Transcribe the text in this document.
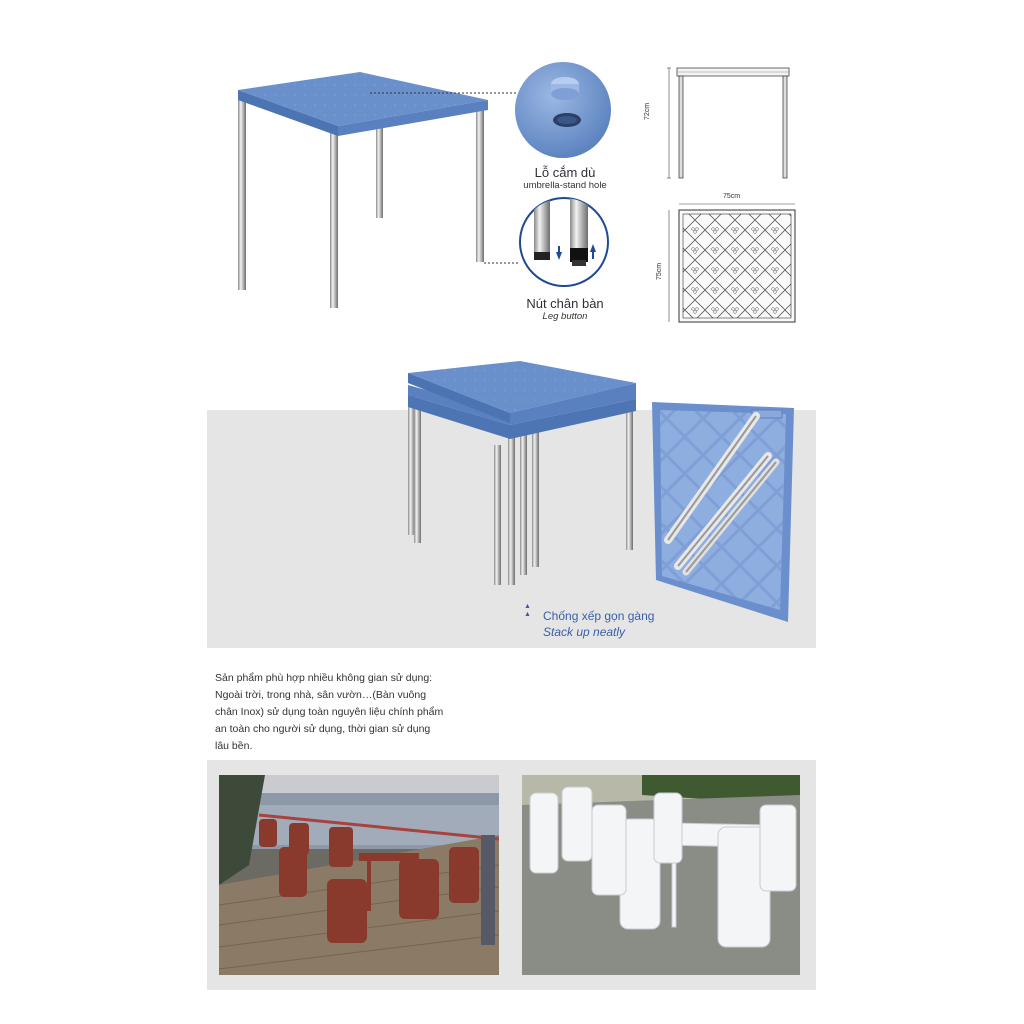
Lỗ cắm dù
umbrella-stand hole
Nút chân bàn
Leg button
72cm
75cm
75cm
▲
▲ Chống xếp gọn gàng
Stack up neatly
Sản phẩm phù hợp nhiều không gian sử dụng:
Ngoài trời, trong nhà, sân vườn…(Bàn vuông
chân Inox) sử dụng toàn nguyên liệu chính phẩm
an toàn cho người sử dụng, thời gian sử dụng
lâu bền.
